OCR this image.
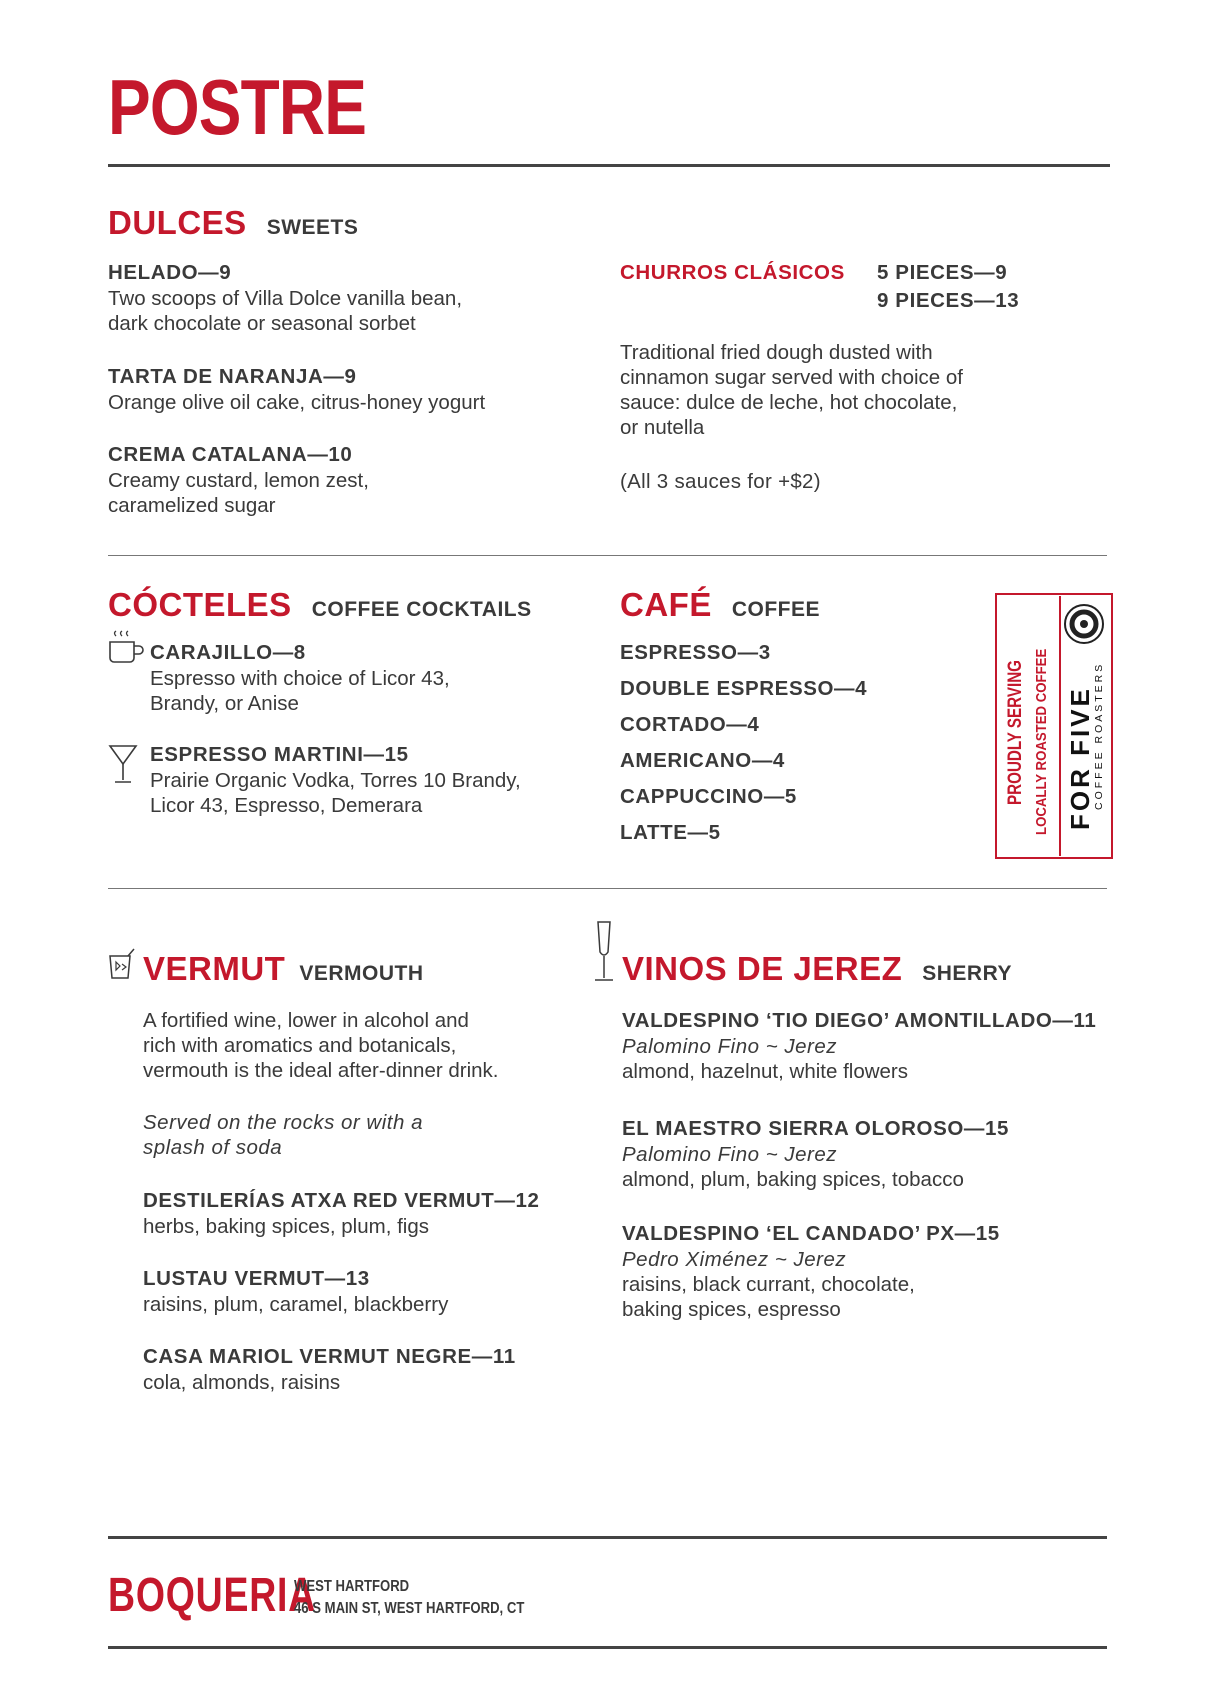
POSTRE
DULCES SWEETS
HELADO—9
Two scoops of Villa Dolce vanilla bean,
dark chocolate or seasonal sorbet
TARTA DE NARANJA—9
Orange olive oil cake, citrus-honey yogurt
CREMA CATALANA—10
Creamy custard, lemon zest,
caramelized sugar
CHURROS CLÁSICOS 5 PIECES—9
9 PIECES—13
Traditional fried dough dusted with
cinnamon sugar served with choice of
sauce: dulce de leche, hot chocolate,
or nutella
(All 3 sauces for +$2)
CÓCTELES COFFEE COCKTAILS
CARAJILLO—8
Espresso with choice of Licor 43,
Brandy, or Anise
ESPRESSO MARTINI—15
Prairie Organic Vodka, Torres 10 Brandy,
Licor 43, Espresso, Demerara
CAFÉ COFFEE
ESPRESSO—3
DOUBLE ESPRESSO—4
CORTADO—4
AMERICANO—4
CAPPUCCINO—5
LATTE—5
PROUDLY SERVING LOCALLY ROASTED COFFEE FOR FIVE
COFFEE ROASTERS
VERMUT VERMOUTH
A fortified wine, lower in alcohol and
rich with aromatics and botanicals,
vermouth is the ideal after-dinner drink.
Served on the rocks or with a
splash of soda
DESTILERÍAS ATXA RED VERMUT—12
herbs, baking spices, plum, figs
LUSTAU VERMUT—13
raisins, plum, caramel, blackberry
CASA MARIOL VERMUT NEGRE—11
cola, almonds, raisins
VINOS DE JEREZ SHERRY
VALDESPINO ‘TIO DIEGO’ AMONTILLADO—11
Palomino Fino ~ Jerez
almond, hazelnut, white flowers
EL MAESTRO SIERRA OLOROSO—15
Palomino Fino ~ Jerez
almond, plum, baking spices, tobacco
VALDESPINO ‘EL CANDADO’ PX—15
Pedro Ximénez ~ Jerez
raisins, black currant, chocolate,
baking spices, espresso
BOQUERIA
WEST HARTFORD
46 S MAIN ST, WEST HARTFORD, CT
